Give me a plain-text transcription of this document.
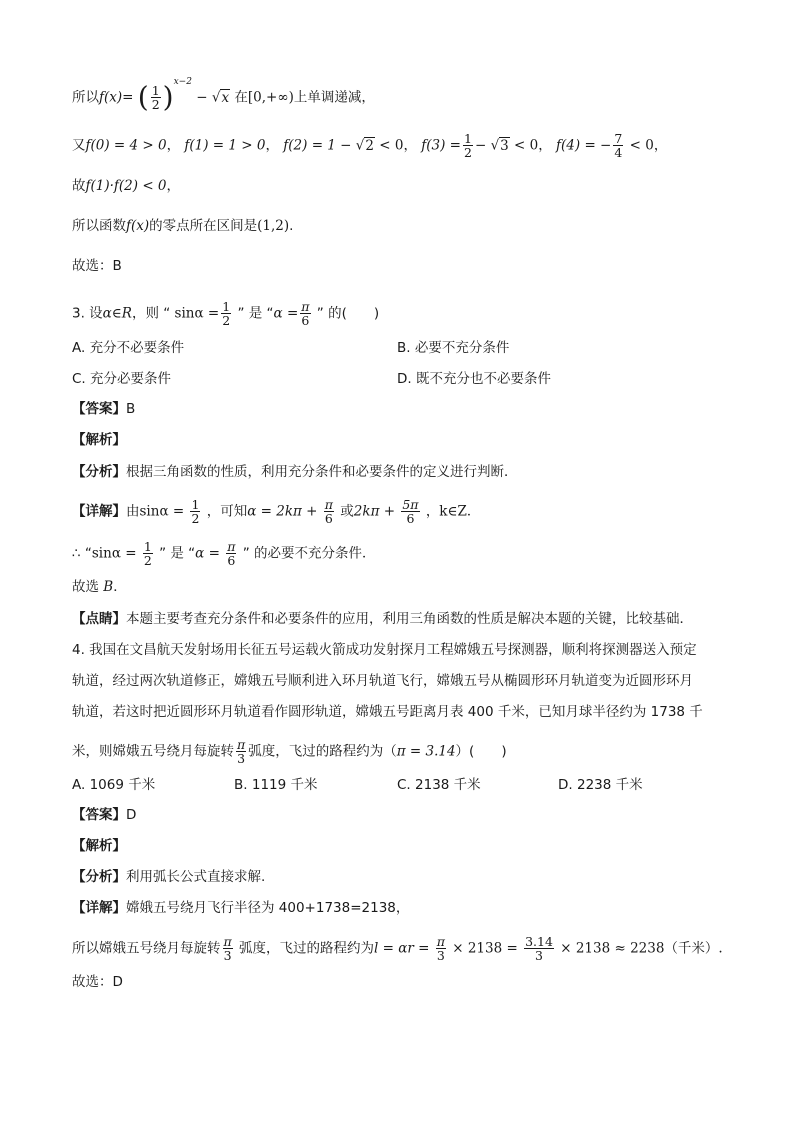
所以f(x)= ( $\frac{1}{2} )^{x-2} - √x$ 在[0,+∞)上单调递减，
又f(0) = 4 > 0， f(1) = 1 > 0， f(2) = 1 − √2 < 0， $f(3) = \frac{1}{2} - √3 < 0$， f(4) = − $\frac{7}{4} < 0$，
故f(1)·f(2) < 0，
所以函数f(x)的零点所在区间是(1,2).
故选：B
3. 设α∈R，则 “ $\sin\alpha = \frac{1}{2}$ ” 是 “$\alpha = \frac{\pi}{6}$ ” 的(　　)
A. 充分不必要条件	B. 必要不充分条件
C. 充分必要条件	D. 既不充分也不必要条件
【答案】B
【解析】
【分析】根据三角函数的性质，利用充分条件和必要条件的定义进行判断．
【详解】由$\sin\alpha = \frac{1}{2}$ ，可知$\alpha = 2k\pi + \frac{\pi}{6}$ 或$2k\pi + \frac{5\pi}{6}$ ，k∈Z．
∴ “$\sin\alpha = \frac{1}{2}$ ” 是 “$\alpha = \frac{\pi}{6}$ ” 的必要不充分条件．
故选 B．
【点睛】本题主要考查充分条件和必要条件的应用，利用三角函数的性质是解决本题的关键，比较基础．
4. 我国在文昌航天发射场用长征五号运载火箭成功发射探月工程嫦娥五号探测器，顺利将探测器送入预定
轨道，经过两次轨道修正，嫦娥五号顺利进入环月轨道飞行，嫦娥五号从椭圆形环月轨道变为近圆形环月
轨道，若这时把近圆形环月轨道看作圆形轨道，嫦娥五号距离月表 400 千米，已知月球半径约为 1738 千
米，则嫦娥五号绕月每旋转 $\frac{\pi}{3}$ 弧度，飞过的路程约为（π = 3.14）(　　)
A. 1069 千米	B. 1119 千米	C. 2138 千米	D. 2238 千米
【答案】D
【解析】
【分析】利用弧长公式直接求解.
【详解】嫦娥五号绕月飞行半径为 400+1738=2138，
所以嫦娥五号绕月每旋转 $\frac{\pi}{3}$ 弧度，飞过的路程约为$l = \alpha r = \frac{\pi}{3} \times 2138 = \frac{3.14}{3} \times 2138 \approx 2238$（千米）.
故选：D
